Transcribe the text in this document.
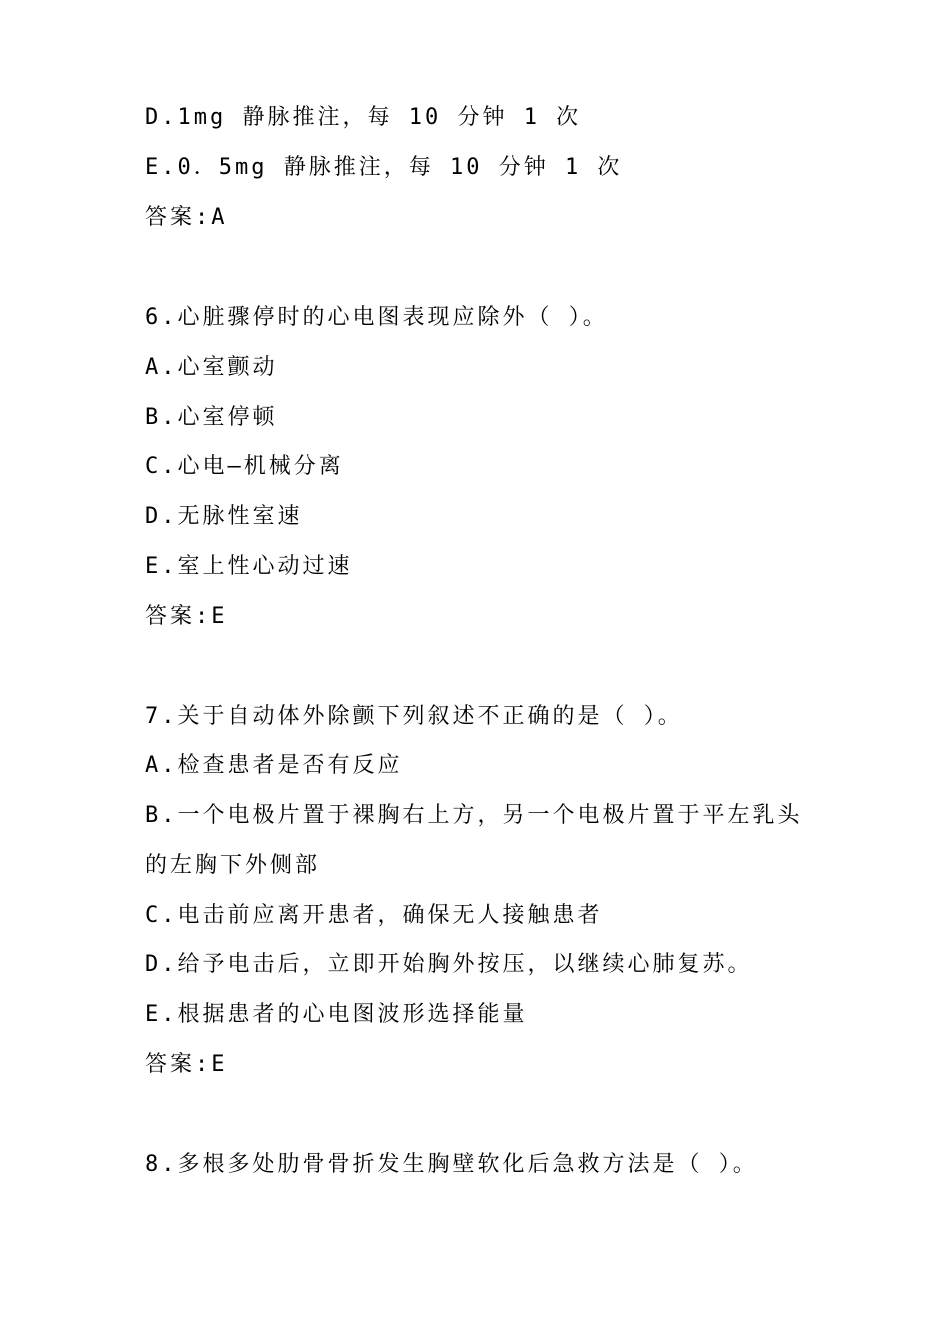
D.1mg 静脉推注，每 10 分钟 1 次
E.0．5mg 静脉推注，每 10 分钟 1 次
答案:A
6.心脏骤停时的心电图表现应除外（ ）。
A.心室颤动
B.心室停顿
C.心电—机械分离
D.无脉性室速
E.室上性心动过速
答案:E
7.关于自动体外除颤下列叙述不正确的是（ ）。
A.检查患者是否有反应
B.一个电极片置于裸胸右上方，另一个电极片置于平左乳头
的左胸下外侧部
C.电击前应离开患者，确保无人接触患者
D.给予电击后，立即开始胸外按压，以继续心肺复苏。
E.根据患者的心电图波形选择能量
答案:E
8.多根多处肋骨骨折发生胸壁软化后急救方法是（ ）。
